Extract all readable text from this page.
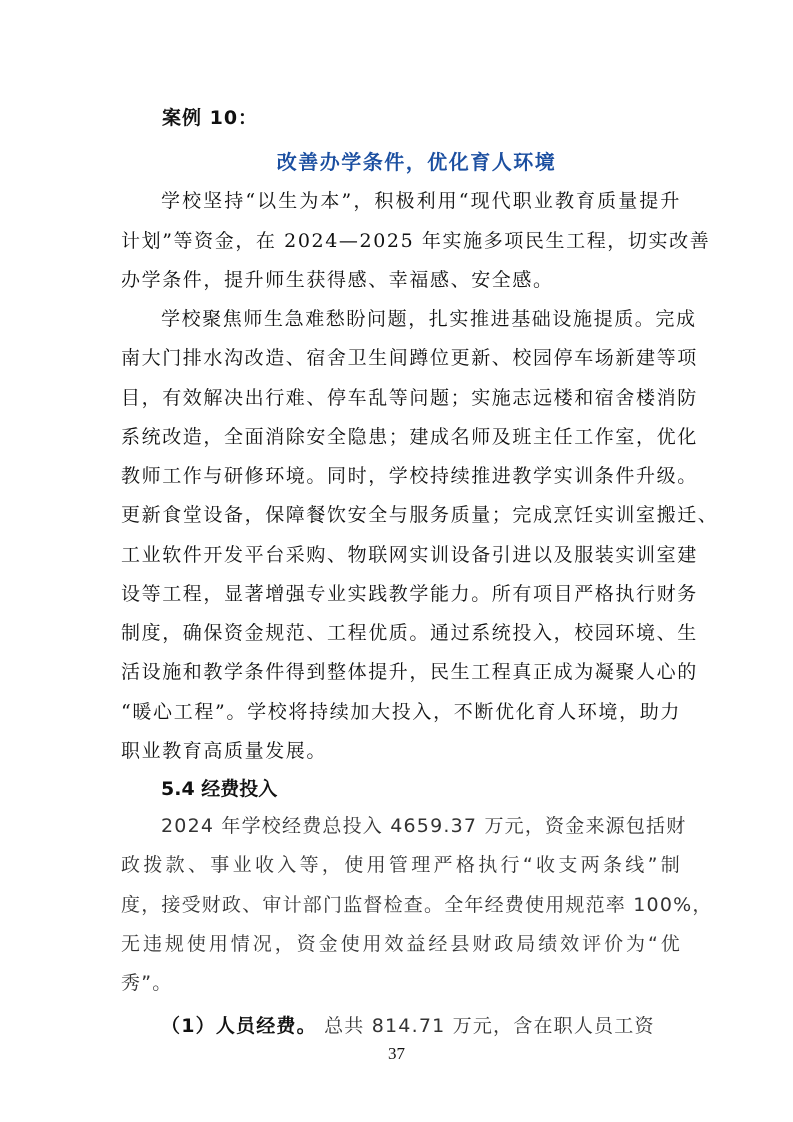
案例 10：
改善办学条件，优化育人环境
学校坚持“以生为本”，积极利用“现代职业教育质量提升
计划”等资金，在 2024—2025 年实施多项民生工程，切实改善
办学条件，提升师生获得感、幸福感、安全感。
学校聚焦师生急难愁盼问题，扎实推进基础设施提质。完成
南大门排水沟改造、宿舍卫生间蹲位更新、校园停车场新建等项
目，有效解决出行难、停车乱等问题；实施志远楼和宿舍楼消防
系统改造，全面消除安全隐患；建成名师及班主任工作室，优化
教师工作与研修环境。同时，学校持续推进教学实训条件升级。
更新食堂设备，保障餐饮安全与服务质量；完成烹饪实训室搬迁、
工业软件开发平台采购、物联网实训设备引进以及服装实训室建
设等工程，显著增强专业实践教学能力。所有项目严格执行财务
制度，确保资金规范、工程优质。通过系统投入，校园环境、生
活设施和教学条件得到整体提升，民生工程真正成为凝聚人心的
“暖心工程”。学校将持续加大投入，不断优化育人环境，助力
职业教育高质量发展。
5.4 经费投入
2024 年学校经费总投入 4659.37 万元，资金来源包括财
政拨款、事业收入等，使用管理严格执行“收支两条线”制
度，接受财政、审计部门监督检查。全年经费使用规范率 100%，
无违规使用情况，资金使用效益经县财政局绩效评价为“优
秀”。
（1）人员经费。 总共 814.71 万元，含在职人员工资
37
